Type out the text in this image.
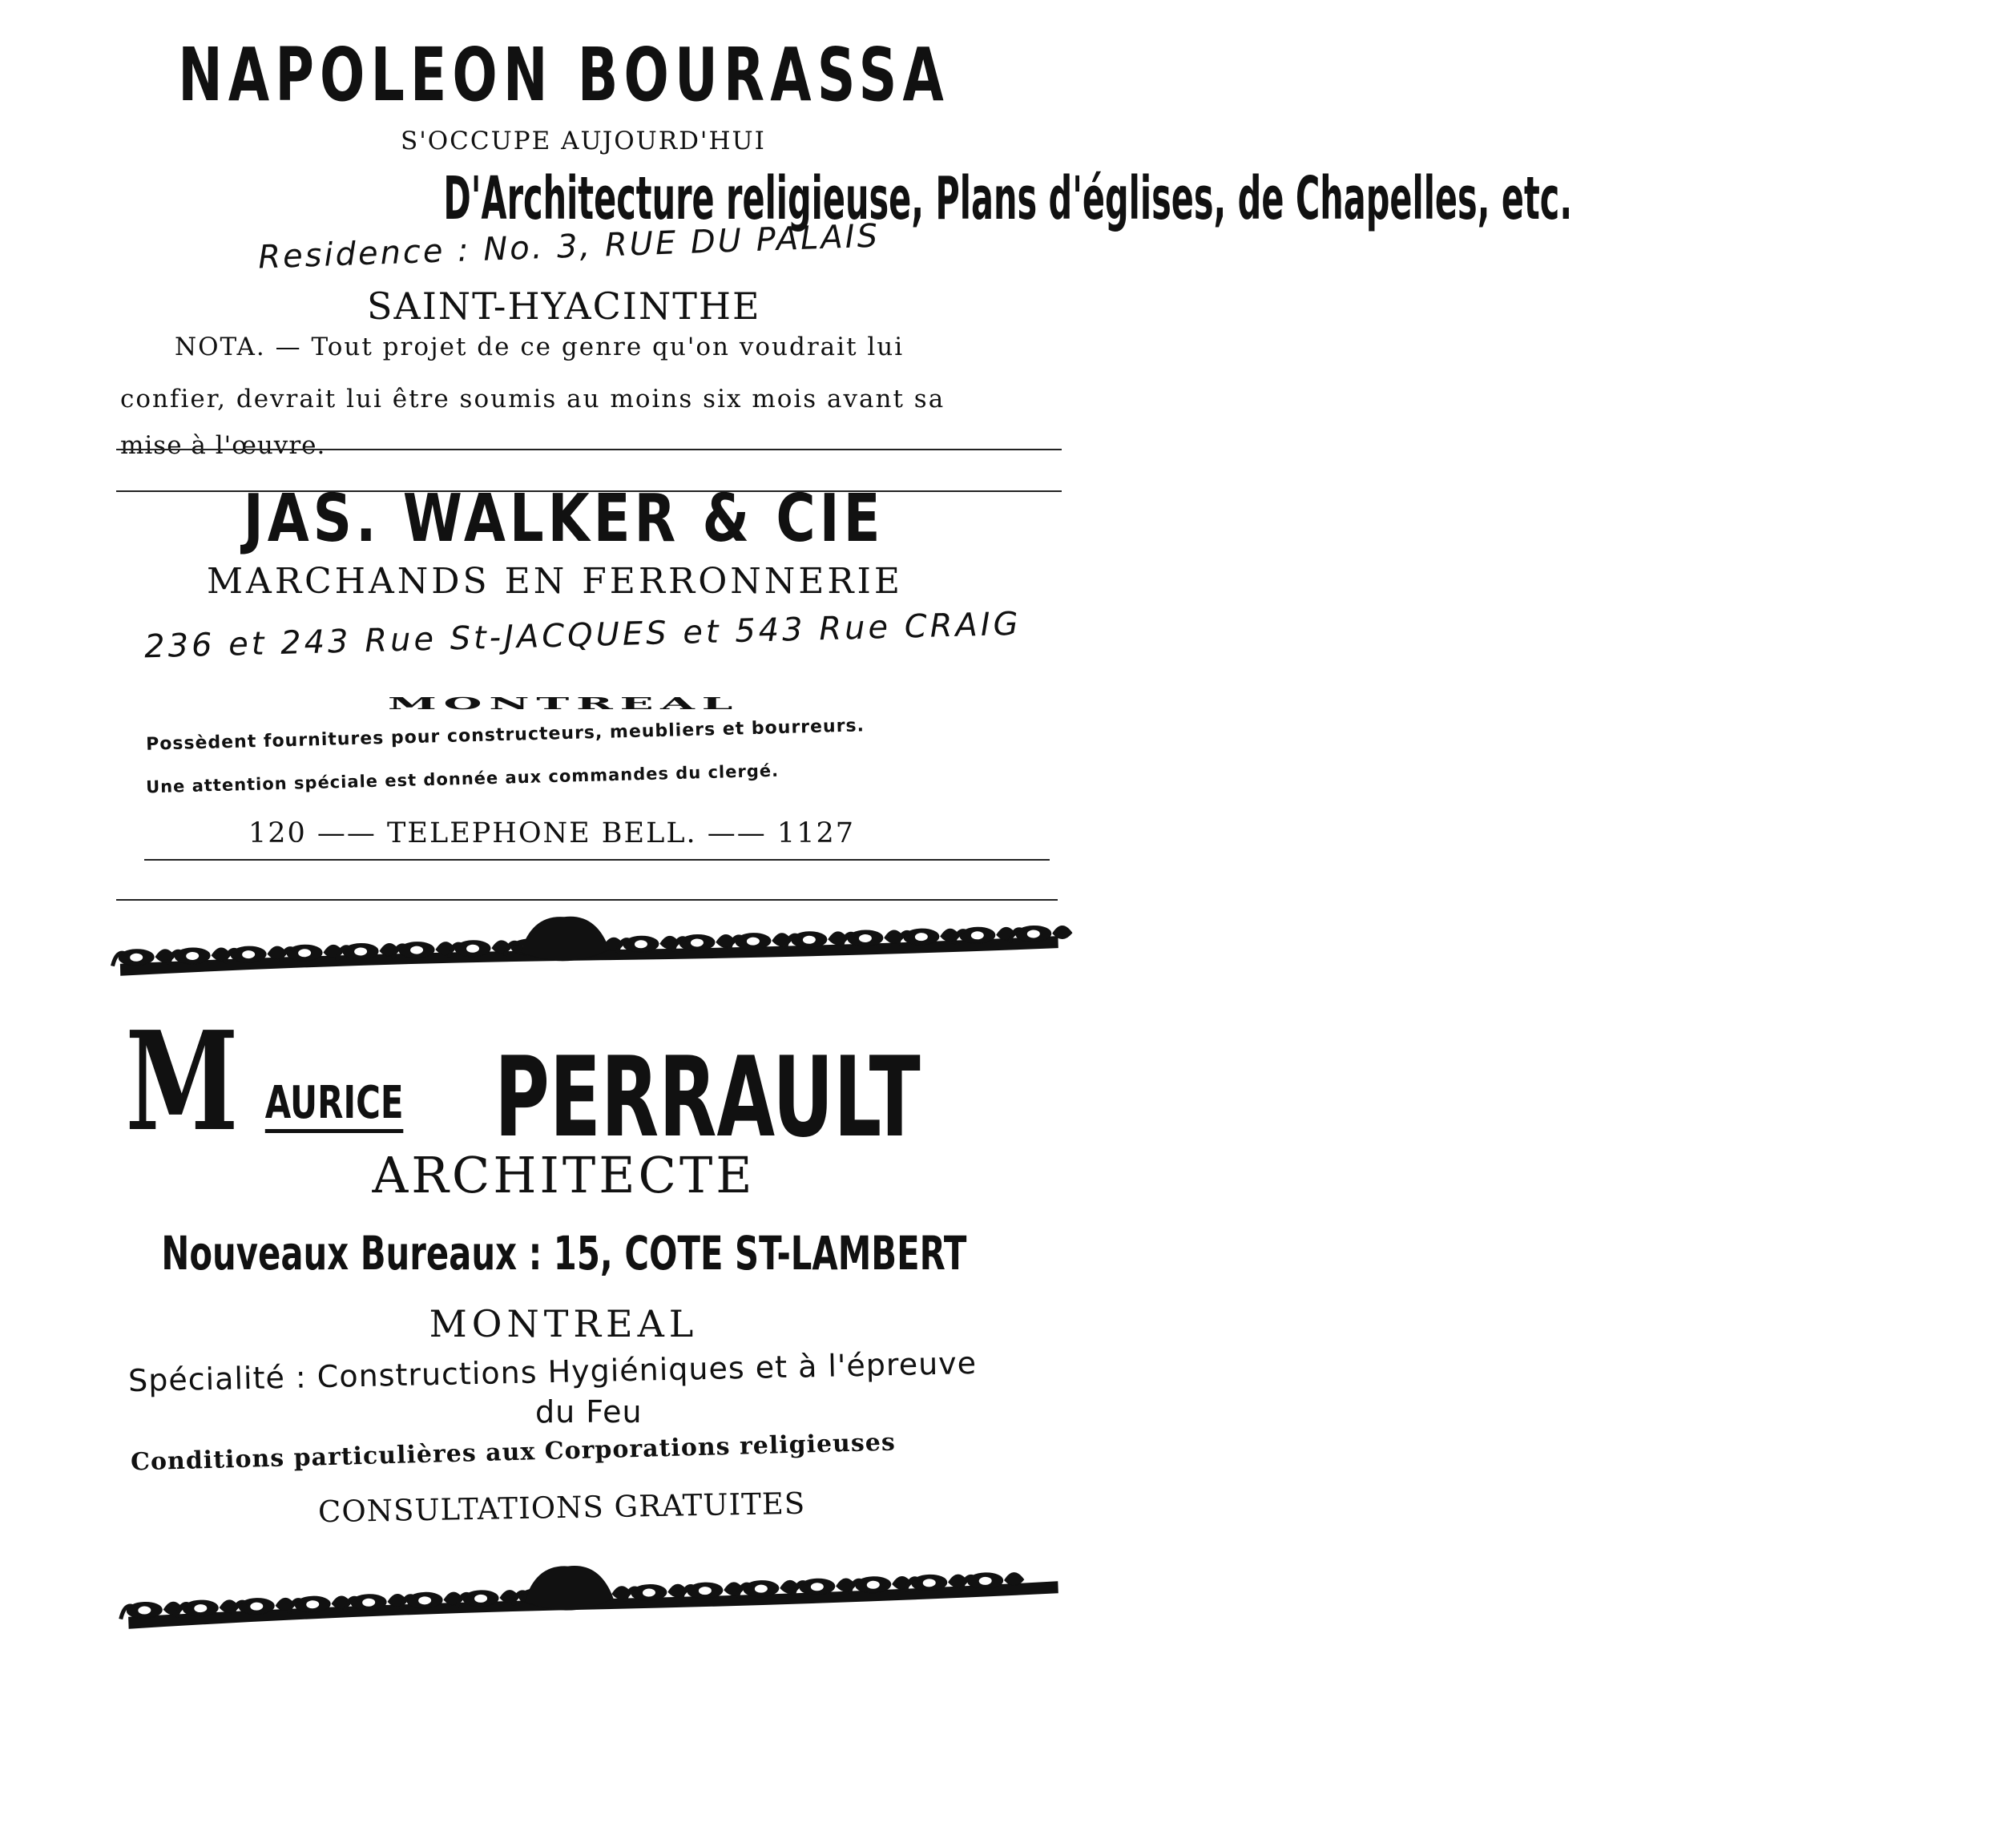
NAPOLEON BOURASSA
S'OCCUPE AUJOURD'HUI
D'Architecture religieuse, Plans d'églises, de Chapelles, etc.
Residence : No. 3, RUE DU PALAIS
SAINT-HYACINTHE
NOTA. — Tout projet de ce genre qu'on voudrait lui
confier, devrait lui être soumis au moins six mois avant sa
mise à l'œuvre.
JAS. WALKER & CIE
MARCHANDS EN FERRONNERIE
236 et 243 Rue St-JACQUES et 543 Rue CRAIG
MONTREAL
Possèdent fournitures pour constructeurs, meubliers et bourreurs.
Une attention spéciale est donnée aux commandes du clergé.
120 —— TELEPHONE BELL. —— 1127
M AURICE PERRAULT
ARCHITECTE
Nouveaux Bureaux : 15, COTE ST-LAMBERT
MONTREAL
Spécialité : Constructions Hygiéniques et à l'épreuve
du Feu
Conditions particulières aux Corporations religieuses
CONSULTATIONS GRATUITES
